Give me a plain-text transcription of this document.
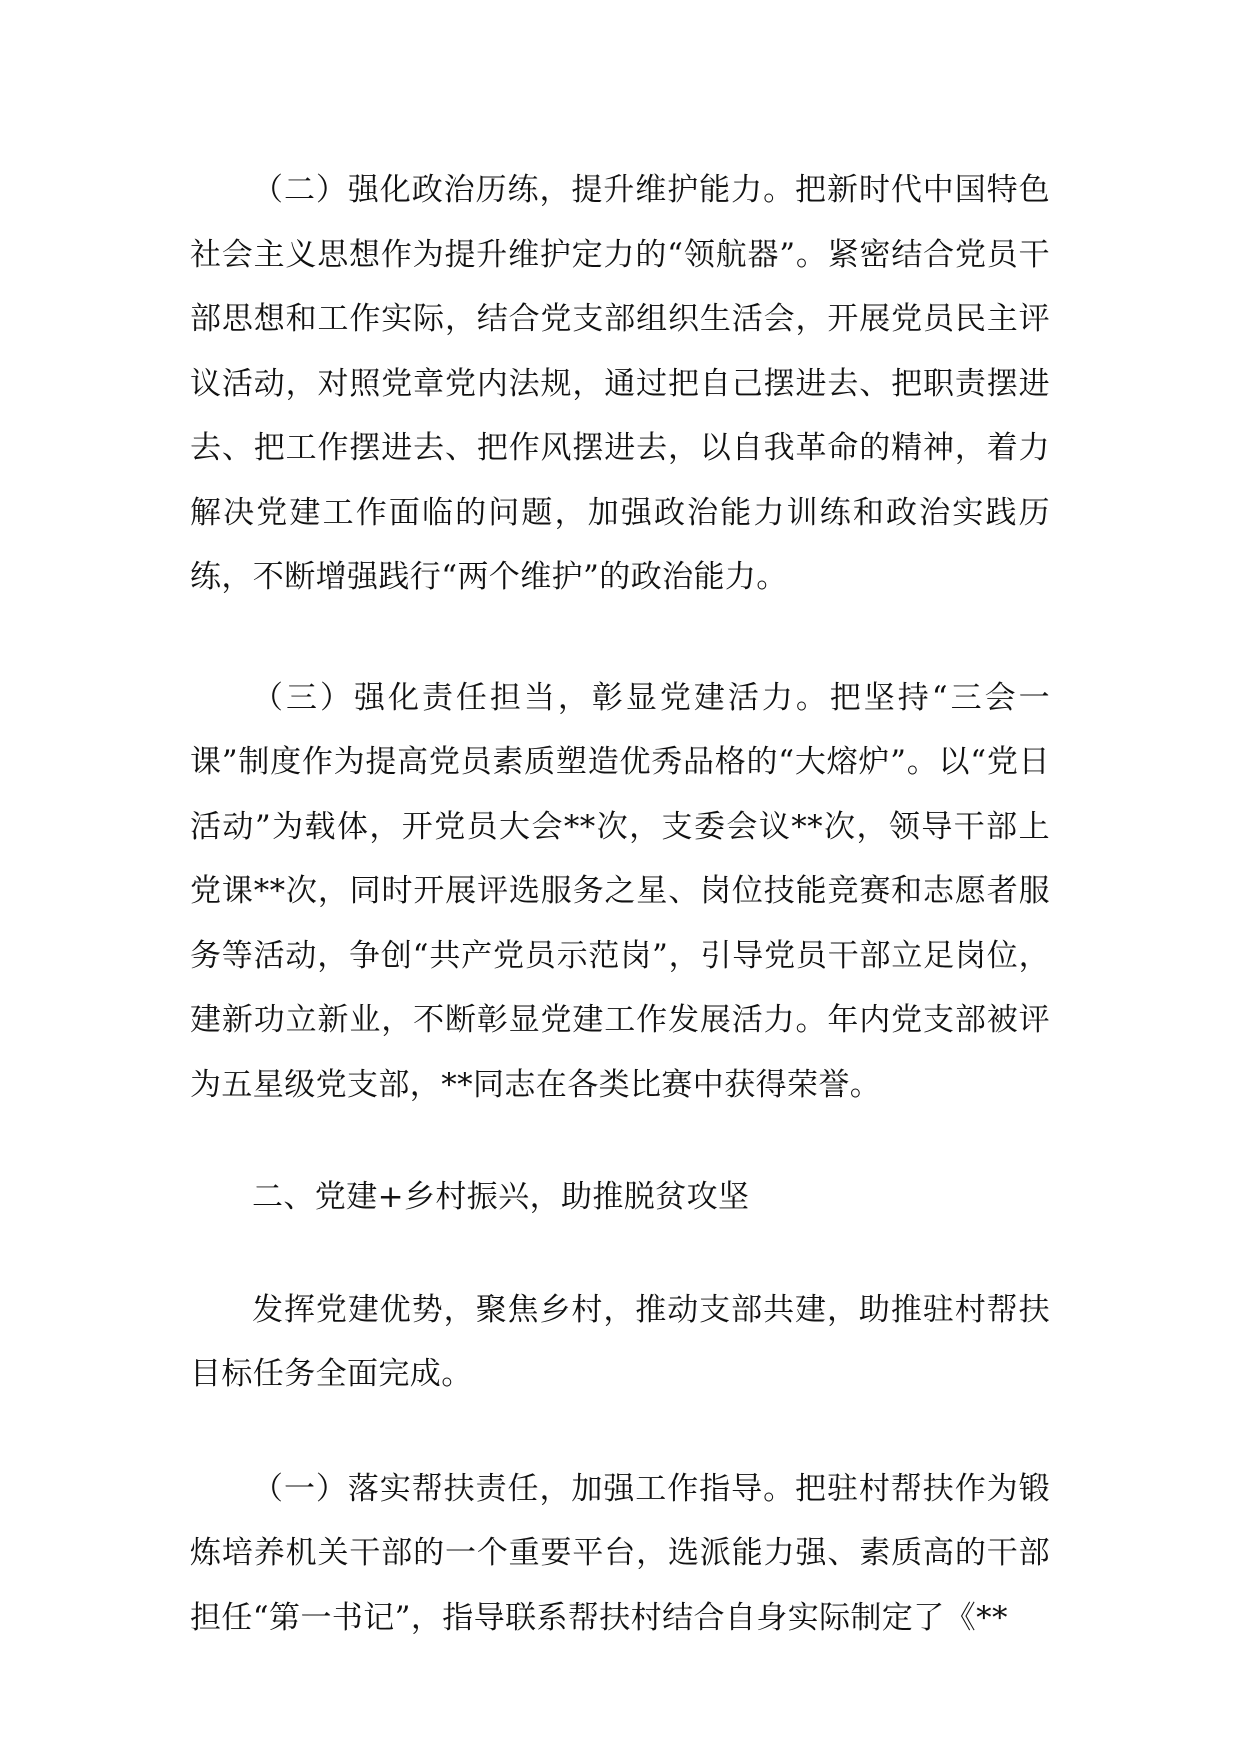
（二）强化政治历练，提升维护能力。把新时代中国特色社会主义思想作为提升维护定力的“领航器”。紧密结合党员干部思想和工作实际，结合党支部组织生活会，开展党员民主评议活动，对照党章党内法规，通过把自己摆进去、把职责摆进去、把工作摆进去、把作风摆进去，以自我革命的精神，着力解决党建工作面临的问题，加强政治能力训练和政治实践历练，不断增强践行“两个维护”的政治能力。

（三）强化责任担当，彰显党建活力。把坚持“三会一课”制度作为提高党员素质塑造优秀品格的“大熔炉”。以“党日活动”为载体，开党员大会**次，支委会议**次，领导干部上党课**次，同时开展评选服务之星、岗位技能竞赛和志愿者服务等活动，争创“共产党员示范岗”，引导党员干部立足岗位，建新功立新业，不断彰显党建工作发展活力。年内党支部被评为五星级党支部，**同志在各类比赛中获得荣誉。

二、党建+乡村振兴，助推脱贫攻坚

发挥党建优势，聚焦乡村，推动支部共建，助推驻村帮扶目标任务全面完成。

（一）落实帮扶责任，加强工作指导。把驻村帮扶作为锻炼培养机关干部的一个重要平台，选派能力强、素质高的干部担任“第一书记”，指导联系帮扶村结合自身实际制定了《**
